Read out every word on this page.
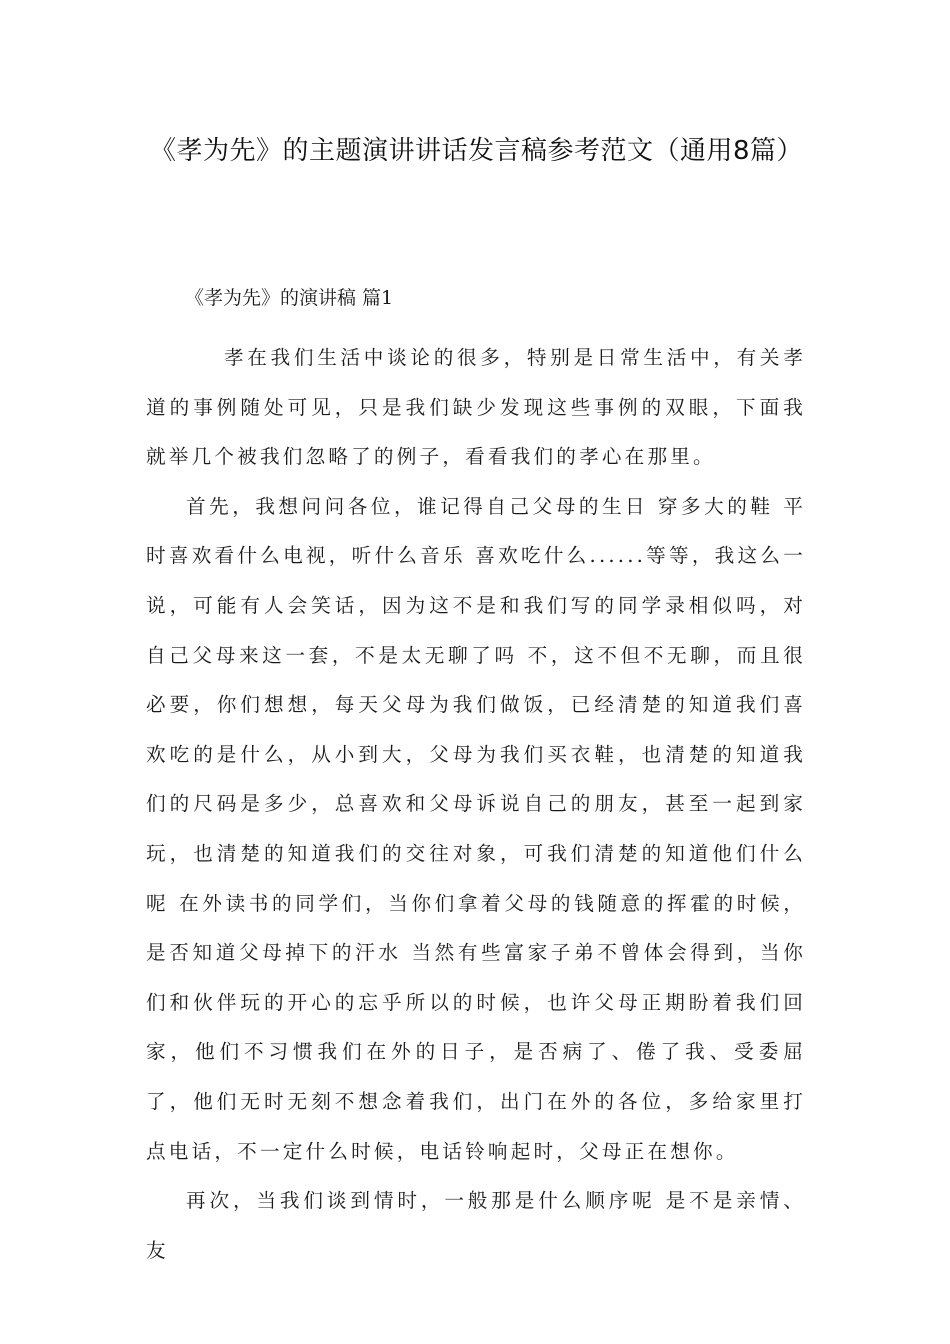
《孝为先》的主题演讲讲话发言稿参考范文（通用8篇）
《孝为先》的演讲稿 篇1

孝在我们生活中谈论的很多，特别是日常生活中，有关孝道的事例随处可见，只是我们缺少发现这些事例的双眼，下面我就举几个被我们忽略了的例子，看看我们的孝心在那里。

首先，我想问问各位，谁记得自己父母的生日 穿多大的鞋 平时喜欢看什么电视，听什么音乐 喜欢吃什么......等等，我这么一说，可能有人会笑话，因为这不是和我们写的同学录相似吗，对自己父母来这一套，不是太无聊了吗 不，这不但不无聊，而且很必要，你们想想，每天父母为我们做饭，已经清楚的知道我们喜欢吃的是什么，从小到大，父母为我们买衣鞋，也清楚的知道我们的尺码是多少，总喜欢和父母诉说自己的朋友，甚至一起到家玩，也清楚的知道我们的交往对象，可我们清楚的知道他们什么呢 在外读书的同学们，当你们拿着父母的钱随意的挥霍的时候，是否知道父母掉下的汗水 当然有些富家子弟不曾体会得到，当你们和伙伴玩的开心的忘乎所以的时候，也许父母正期盼着我们回家，他们不习惯我们在外的日子，是否病了、倦了我、受委屈了，他们无时无刻不想念着我们，出门在外的各位，多给家里打点电话，不一定什么时候，电话铃响起时，父母正在想你。

再次，当我们谈到情时，一般那是什么顺序呢 是不是亲情、友
